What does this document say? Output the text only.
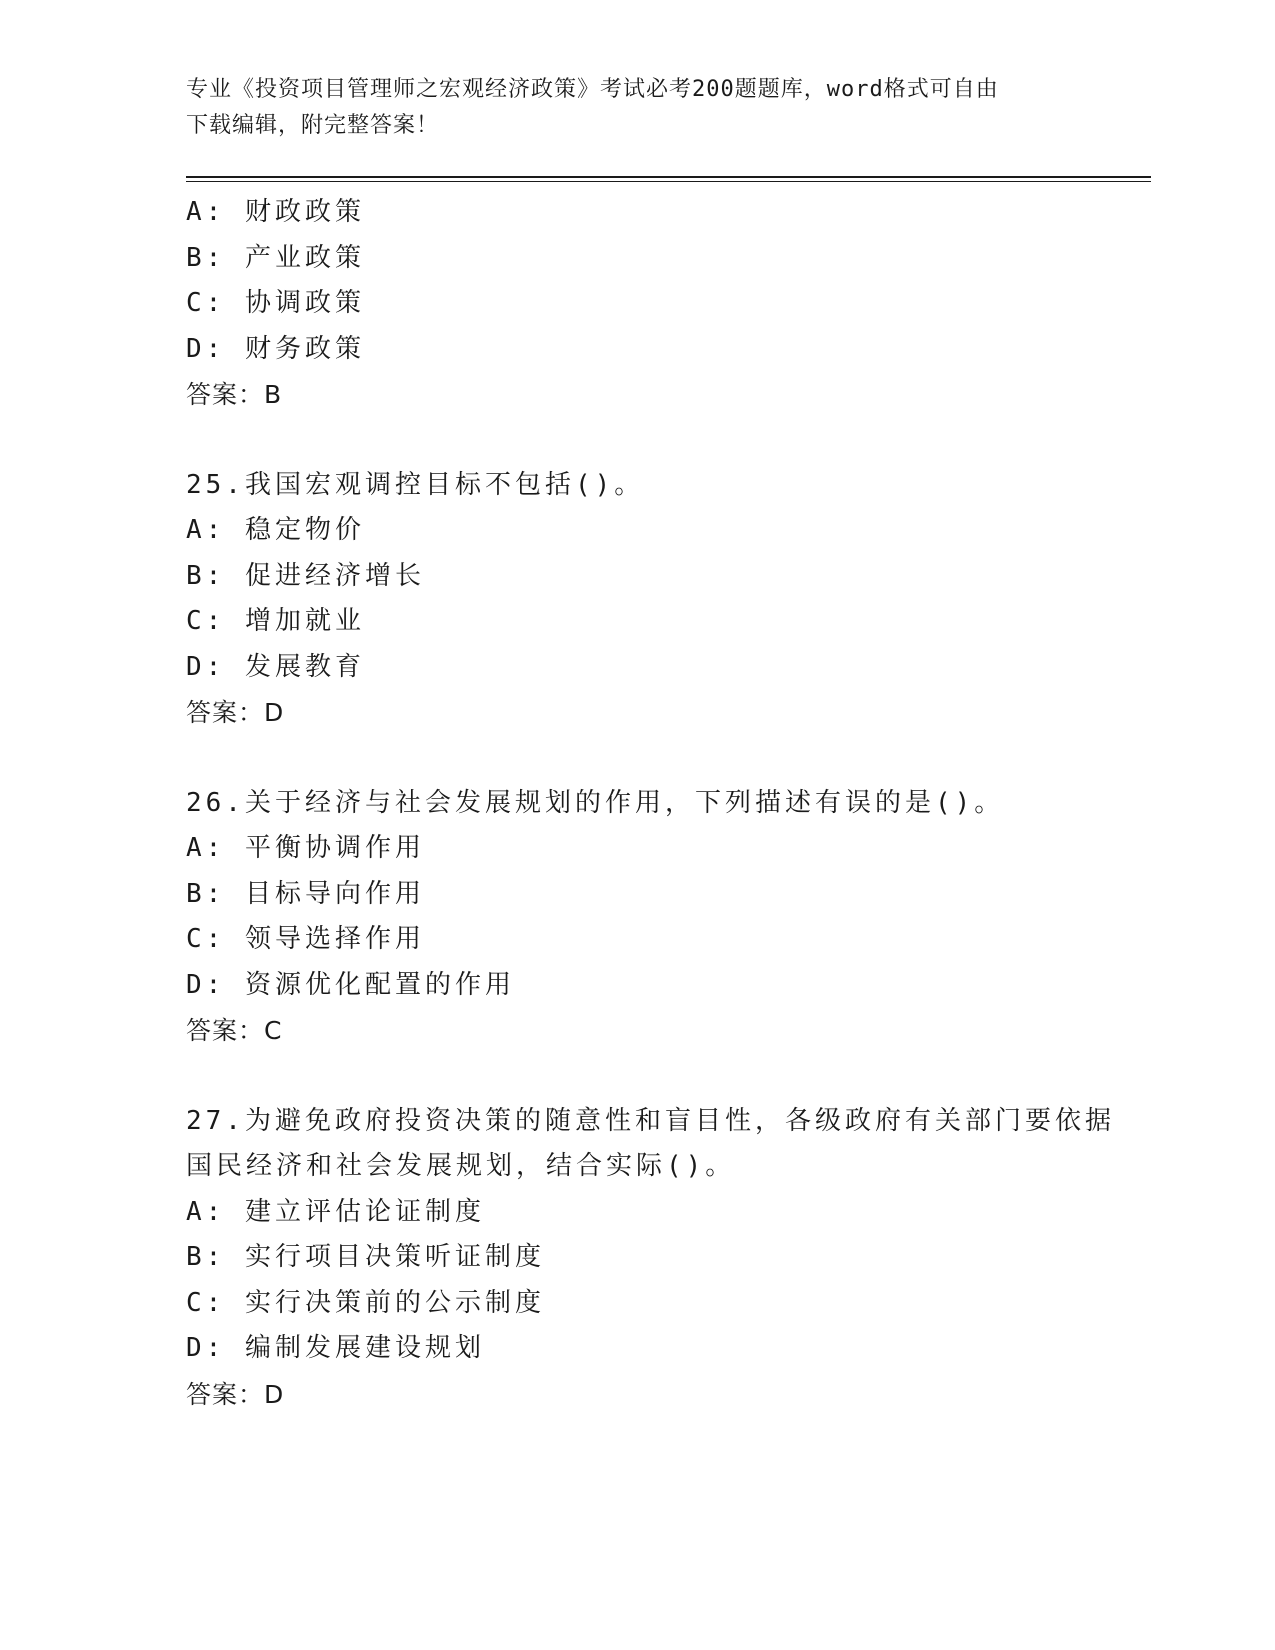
专业《投资项目管理师之宏观经济政策》考试必考200题题库，word格式可自由
下载编辑，附完整答案！
A: 财政政策
B: 产业政策
C: 协调政策
D: 财务政策
答案：B
25.我国宏观调控目标不包括()。
A: 稳定物价
B: 促进经济增长
C: 增加就业
D: 发展教育
答案：D
26.关于经济与社会发展规划的作用，下列描述有误的是()。
A: 平衡协调作用
B: 目标导向作用
C: 领导选择作用
D: 资源优化配置的作用
答案：C
27.为避免政府投资决策的随意性和盲目性，各级政府有关部门要依据
国民经济和社会发展规划，结合实际()。
A: 建立评估论证制度
B: 实行项目决策听证制度
C: 实行决策前的公示制度
D: 编制发展建设规划
答案：D
